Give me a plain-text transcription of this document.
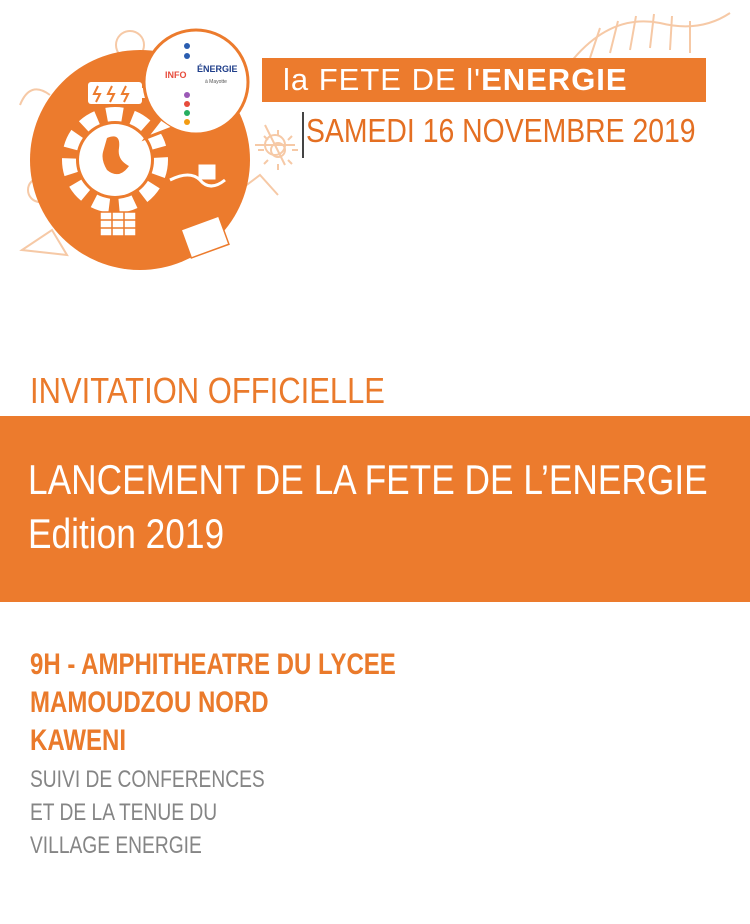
INFO
ÉNERGIE
à Mayotte la FETE DE l'ENERGIE
SAMEDI 16 NOVEMBRE 2019
INVITATION OFFICIELLE
LANCEMENT DE LA FETE DE L’ENERGIE
Edition 2019
9H - AMPHITHEATRE DU LYCEE
MAMOUDZOU NORD
KAWENI
SUIVI DE CONFERENCES
ET DE LA TENUE DU
VILLAGE ENERGIE
